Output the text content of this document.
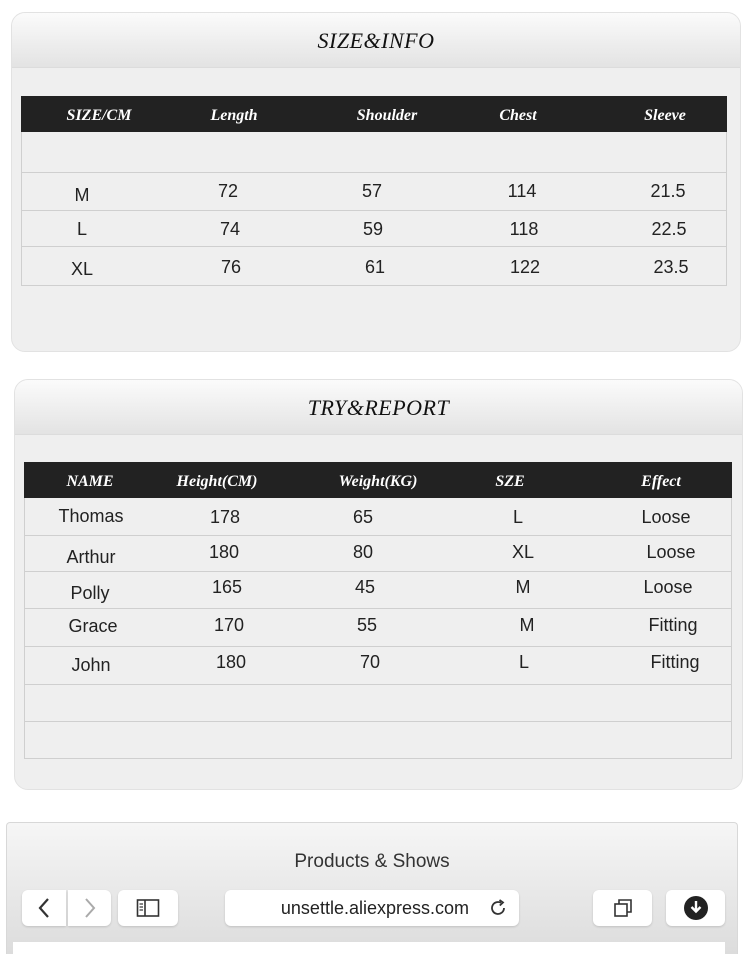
SIZE&INFO
SIZE/CM	Length	Shoulder	Chest	Sleeve
M	72	57	114	21.5
L	74	59	118	22.5
XL	76	61	122	23.5
TRY&REPORT
NAME	Height(CM)	Weight(KG)	SZE	Effect
Thomas	178	65	L	Loose
Arthur	180	80	XL	Loose
Polly	165	45	M	Loose
Grace	170	55	M	Fitting
John	180	70	L	Fitting
Products & Shows
unsettle.aliexpress.com
